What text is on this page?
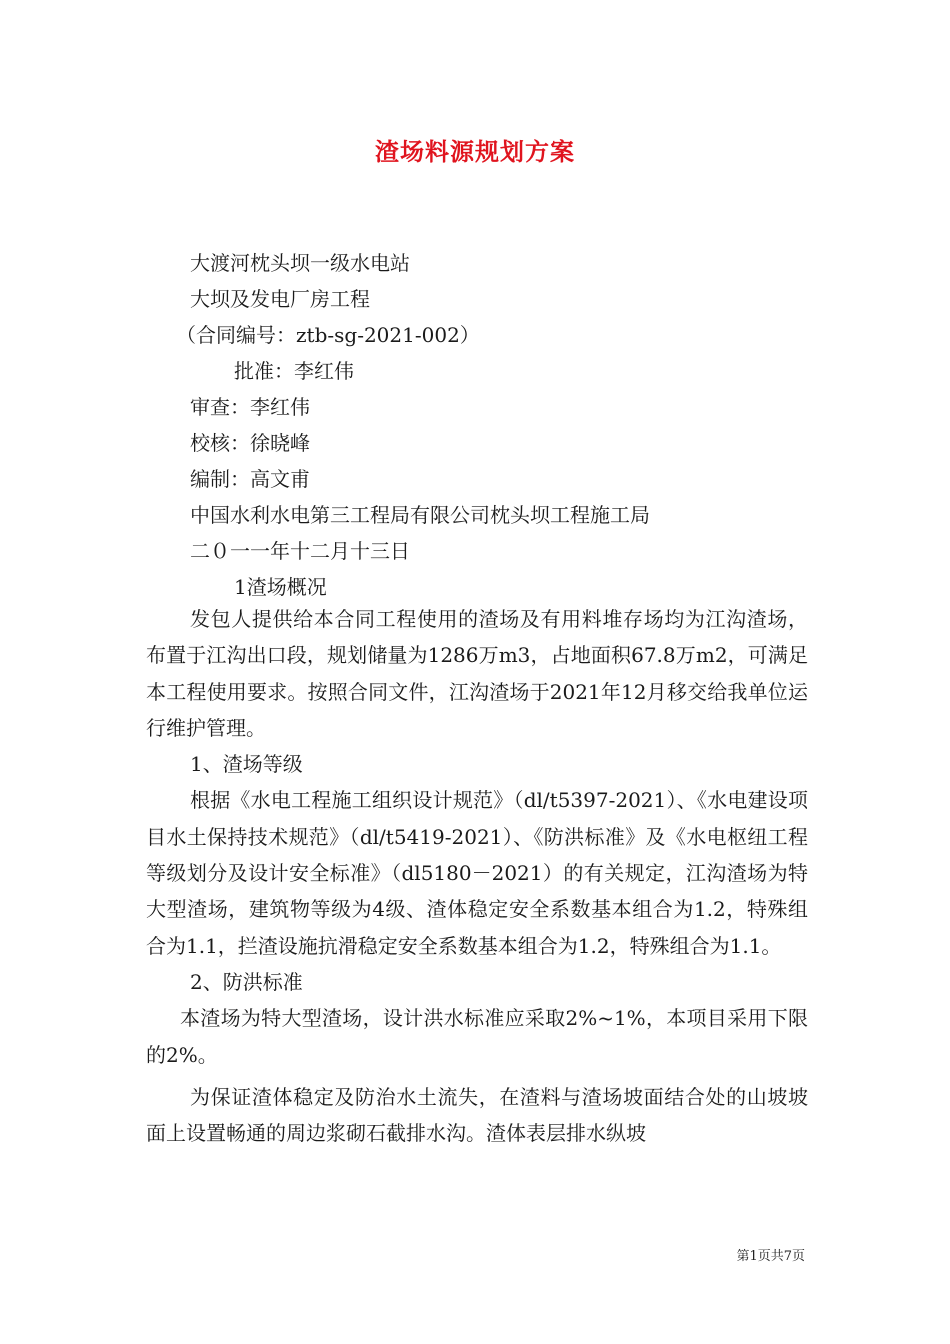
渣场料源规划方案
大渡河枕头坝一级水电站
大坝及发电厂房工程
（合同编号：ztb-sg-2021-002）
批准：李红伟
审查：李红伟
校核：徐晓峰
编制：高文甫
中国水利水电第三工程局有限公司枕头坝工程施工局
二０一一年十二月十三日
1渣场概况

发包人提供给本合同工程使用的渣场及有用料堆存场均为江沟渣场，布置于江沟出口段，规划储量为1286万m3，占地面积67.8万m2，可满足本工程使用要求。按照合同文件，江沟渣场于2021年12月移交给我单位运行维护管理。

1、渣场等级

根据《水电工程施工组织设计规范》（dl/t5397-2021）、《水电建设项目水土保持技术规范》（dl/t5419-2021）、《防洪标准》及《水电枢纽工程等级划分及设计安全标准》（dl5180－2021）的有关规定，江沟渣场为特大型渣场，建筑物等级为4级、渣体稳定安全系数基本组合为1.2，特殊组合为1.1，拦渣设施抗滑稳定安全系数基本组合为1.2，特殊组合为1.1。

2、防洪标准

本渣场为特大型渣场，设计洪水标准应采取2%~1%，本项目采用下限的2%。

为保证渣体稳定及防治水土流失，在渣料与渣场坡面结合处的山坡坡面上设置畅通的周边浆砌石截排水沟。渣体表层排水纵坡

第1页共7页
